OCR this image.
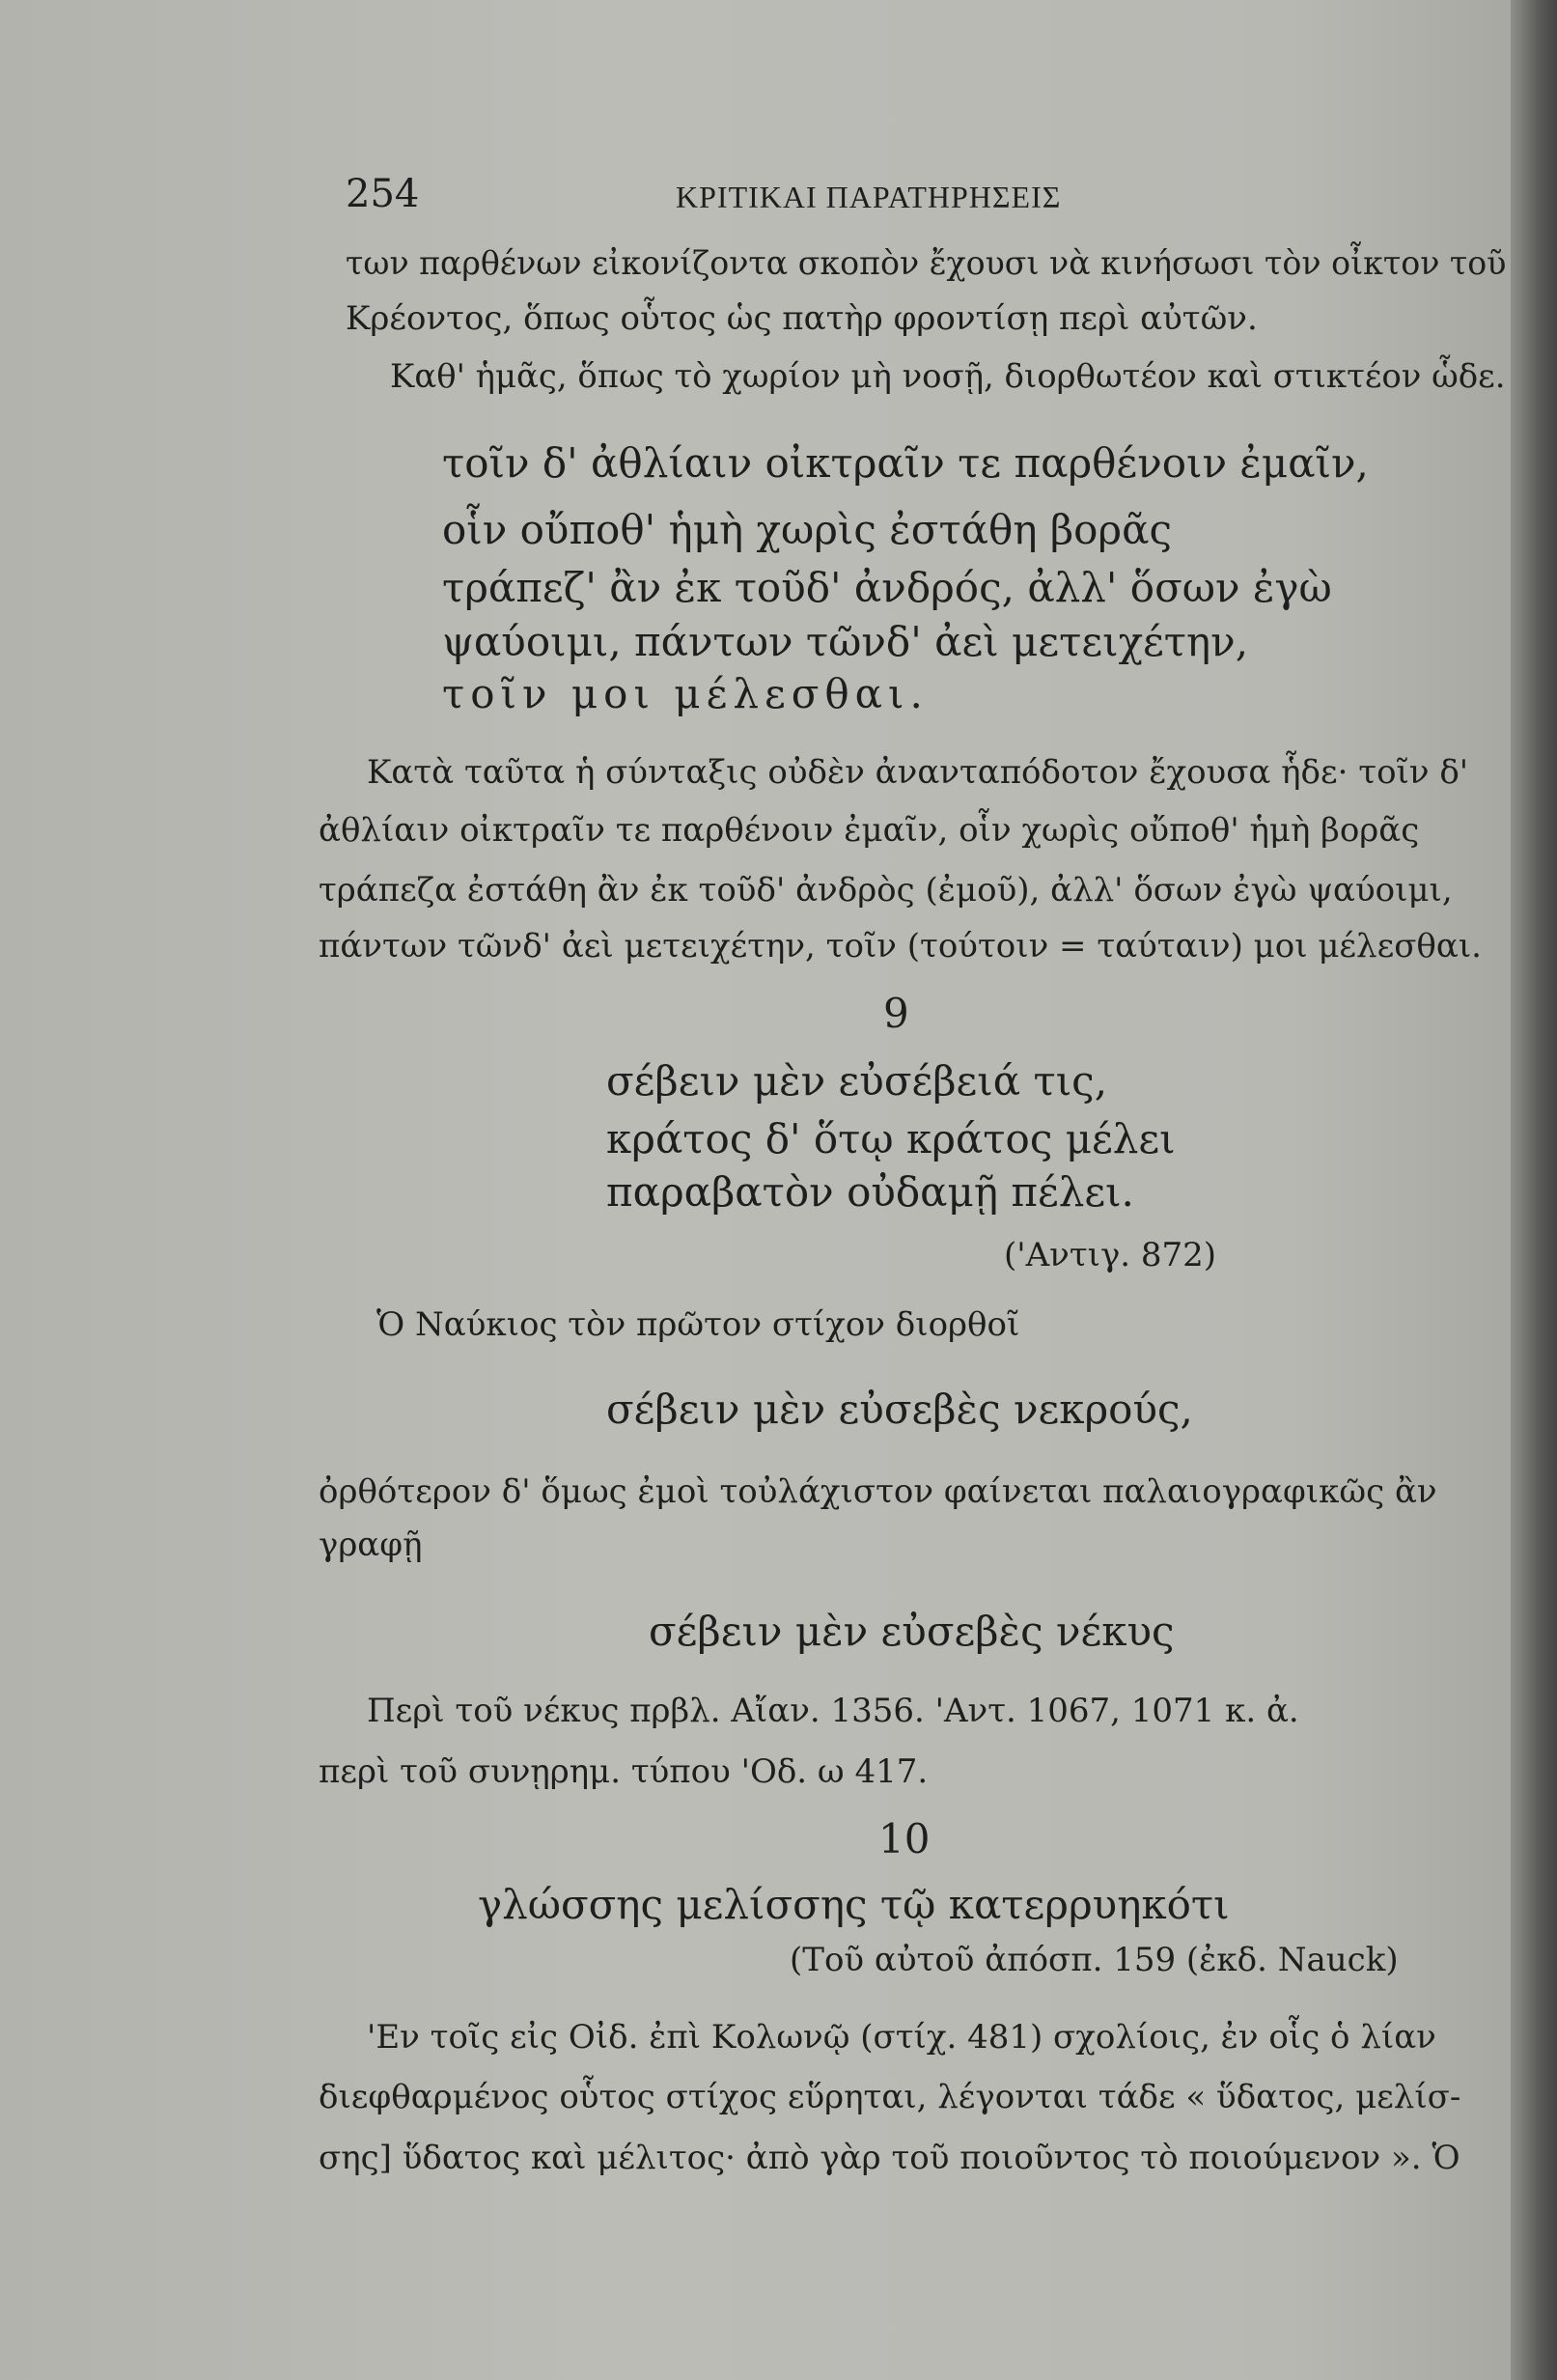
254	ΚΡΙΤΙΚΑΙ ΠΑΡΑΤΗΡΗΣΕΙΣ
των παρθένων εἰκονίζοντα σκοπὸν ἔχουσι νὰ κινήσωσι τὸν οἶκτον τοῦ
Κρέοντος, ὅπως οὗτος ὡς πατὴρ φροντίσῃ περὶ αὐτῶν.
Καθ' ἡμᾶς, ὅπως τὸ χωρίον μὴ νοσῇ, διορθωτέον καὶ στικτέον ὧδε.
τοῖν δ' ἀθλίαιν οἰκτραῖν τε παρθένοιν ἐμαῖν,
οἷν οὔποθ' ἡμὴ χωρὶς ἐστάθη βορᾶς
τράπεζ' ἂν ἐκ τοῦδ' ἀνδρός, ἀλλ' ὅσων ἐγὼ
ψαύοιμι, πάντων τῶνδ' ἀεὶ μετειχέτην,
τοῖν μοι μέλεσθαι.
Κατὰ ταῦτα ἡ σύνταξις οὐδὲν ἀνανταπόδοτον ἔχουσα ἧδε· τοῖν δ'
ἀθλίαιν οἰκτραῖν τε παρθένοιν ἐμαῖν, οἷν χωρὶς οὔποθ' ἡμὴ βορᾶς
τράπεζα ἐστάθη ἂν ἐκ τοῦδ' ἀνδρὸς (ἐμοῦ), ἀλλ' ὅσων ἐγὼ ψαύοιμι,
πάντων τῶνδ' ἀεὶ μετειχέτην, τοῖν (τούτοιν = ταύταιν) μοι μέλεσθαι.
9
σέβειν μὲν εὐσέβειά τις,
κράτος δ' ὅτῳ κράτος μέλει
παραβατὸν οὐδαμῇ πέλει.
('Αντιγ. 872)
Ὁ Ναύκιος τὸν πρῶτον στίχον διορθοῖ
σέβειν μὲν εὐσεβὲς νεκρούς,
ὀρθότερον δ' ὅμως ἐμοὶ τοὐλάχιστον φαίνεται παλαιογραφικῶς ἂν
γραφῇ
σέβειν μὲν εὐσεβὲς νέκυς
Περὶ τοῦ νέκυς πρβλ. Αἴαν. 1356. 'Αντ. 1067, 1071 κ. ἀ.
περὶ τοῦ συνῃρημ. τύπου 'Οδ. ω 417.
10
γλώσσης μελίσσης τῷ κατερρυηκότι
(Τοῦ αὐτοῦ ἀπόσπ. 159 (ἐκδ. Nauck)
'Εν τοῖς εἰς Οἰδ. ἐπὶ Κολωνῷ (στίχ. 481) σχολίοις, ἐν οἷς ὁ λίαν
διεφθαρμένος οὗτος στίχος εὕρηται, λέγονται τάδε « ὕδατος, μελίσ-
σης] ὕδατος καὶ μέλιτος· ἀπὸ γὰρ τοῦ ποιοῦντος τὸ ποιούμενον ». Ὁ
